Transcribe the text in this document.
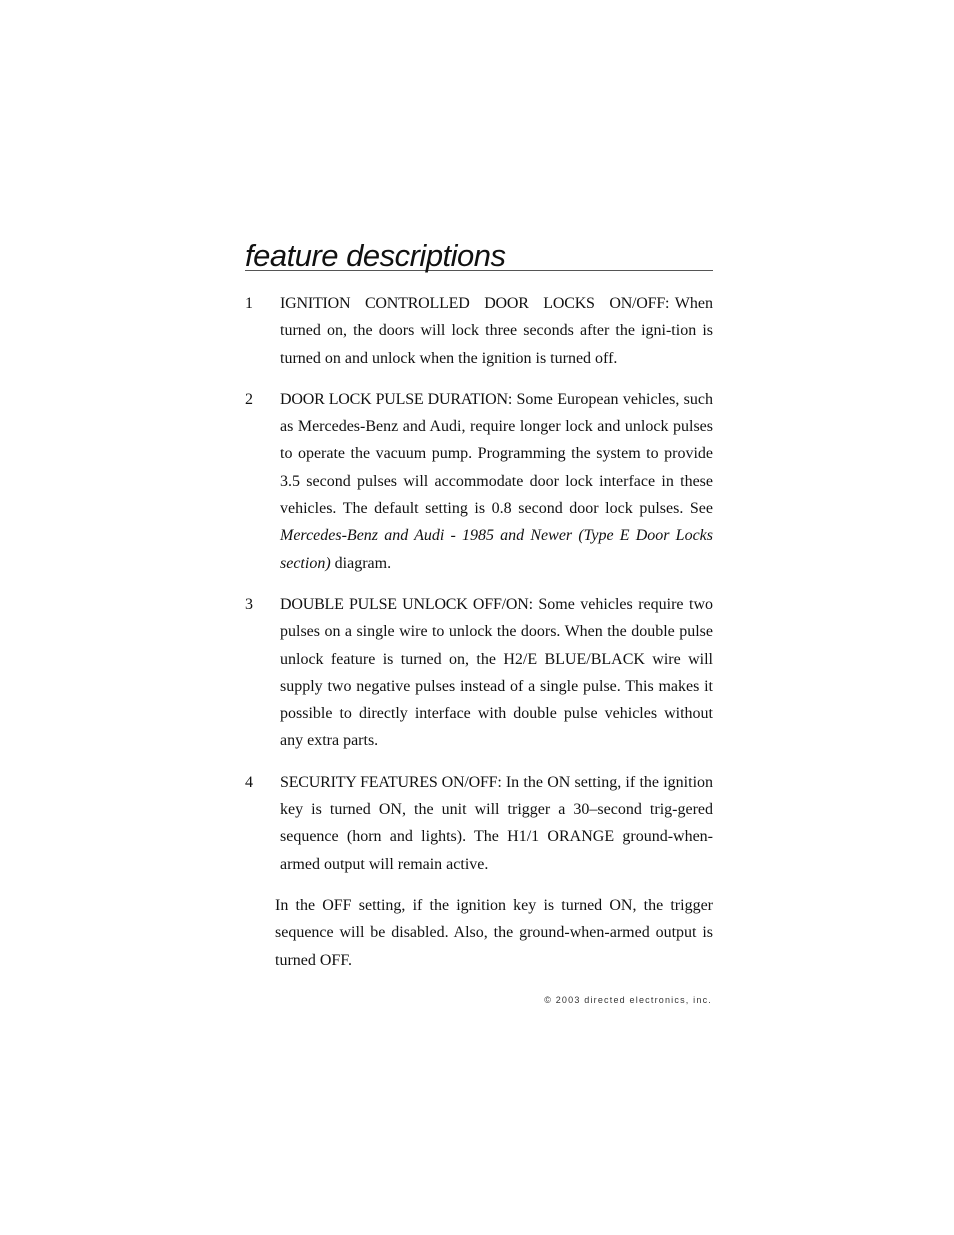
feature descriptions
1 IGNITION CONTROLLED DOOR LOCKS ON/OFF: When turned on, the doors will lock three seconds after the igni-tion is turned on and unlock when the ignition is turned off.
2 DOOR LOCK PULSE DURATION: Some European vehicles, such as Mercedes-Benz and Audi, require longer lock and unlock pulses to operate the vacuum pump. Programming the system to provide 3.5 second pulses will accommodate door lock interface in these vehicles. The default setting is 0.8 second door lock pulses. See Mercedes-Benz and Audi - 1985 and Newer (Type E Door Locks section) diagram.
3 DOUBLE PULSE UNLOCK OFF/ON: Some vehicles require two pulses on a single wire to unlock the doors. When the double pulse unlock feature is turned on, the H2/E BLUE/BLACK wire will supply two negative pulses instead of a single pulse. This makes it possible to directly interface with double pulse vehicles without any extra parts.
4 SECURITY FEATURES ON/OFF: In the ON setting, if the ignition key is turned ON, the unit will trigger a 30–second trig-gered sequence (horn and lights). The H1/1 ORANGE ground-when-armed output will remain active.
In the OFF setting, if the ignition key is turned ON, the trigger sequence will be disabled. Also, the ground-when-armed output is turned OFF.
© 2003 directed electronics, inc.
